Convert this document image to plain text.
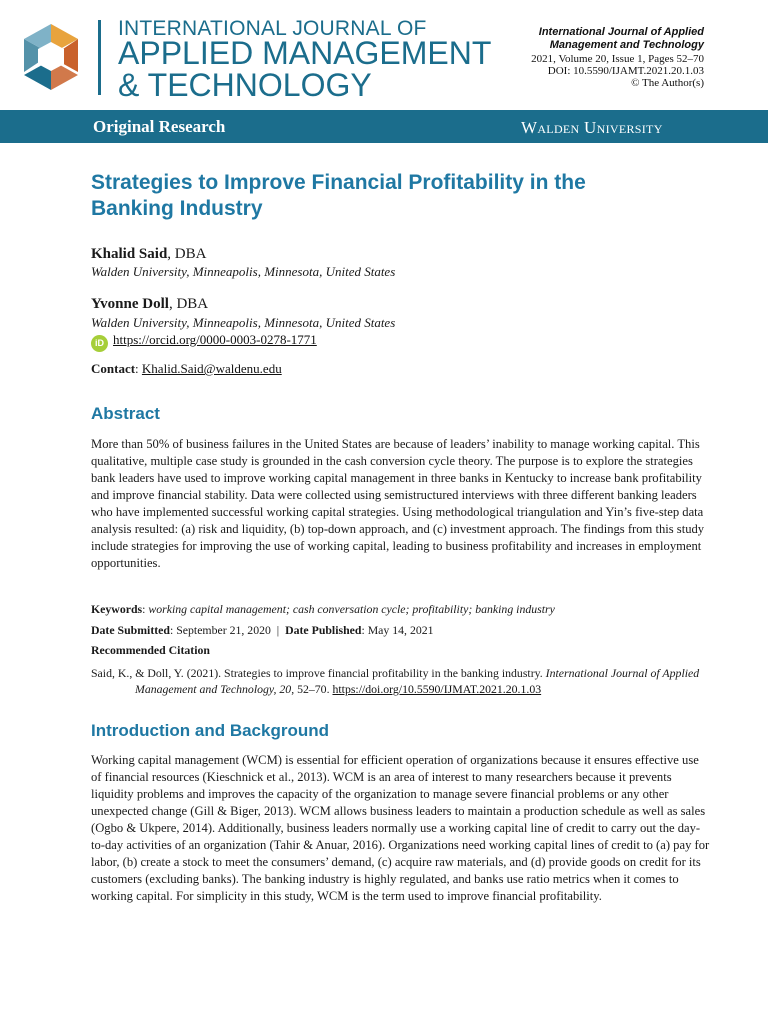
INTERNATIONAL JOURNAL OF
APPLIED MANAGEMENT
& TECHNOLOGY
International Journal of Applied
Management and Technology
2021, Volume 20, Issue 1, Pages 52–70
DOI: 10.5590/IJAMT.2021.20.1.03
© The Author(s)
Original Research	Walden University
Strategies to Improve Financial Profitability in the Banking Industry
Khalid Said, DBA
Walden University, Minneapolis, Minnesota, United States
Yvonne Doll, DBA
Walden University, Minneapolis, Minnesota, United States
iD https://orcid.org/0000-0003-0278-1771
Contact: Khalid.Said@waldenu.edu
Abstract
More than 50% of business failures in the United States are because of leaders’ inability to manage working capital. This qualitative, multiple case study is grounded in the cash conversion cycle theory. The purpose is to explore the strategies bank leaders have used to improve working capital management in three banks in Kentucky to increase bank profitability and improve financial stability. Data were collected using semistructured interviews with three different banking leaders who have implemented successful working capital strategies. Using methodological triangulation and Yin’s five-step data analysis resulted: (a) risk and liquidity, (b) top-down approach, and (c) investment approach. The findings from this study include strategies for improving the use of working capital, leading to business profitability and increases in employment opportunities.
Keywords: working capital management; cash conversation cycle; profitability; banking industry
Date Submitted: September 21, 2020  |  Date Published: May 14, 2021
Recommended Citation
Said, K., & Doll, Y. (2021). Strategies to improve financial profitability in the banking industry. International Journal of Applied Management and Technology, 20, 52–70. https://doi.org/10.5590/IJMAT.2021.20.1.03
Introduction and Background
Working capital management (WCM) is essential for efficient operation of organizations because it ensures effective use of financial resources (Kieschnick et al., 2013). WCM is an area of interest to many researchers because it prevents liquidity problems and improves the capacity of the organization to manage severe financial problems or any other unexpected change (Gill & Biger, 2013). WCM allows business leaders to maintain a production schedule as well as sales (Ogbo & Ukpere, 2014). Additionally, business leaders normally use a working capital line of credit to carry out the day-to-day activities of an organization (Tahir & Anuar, 2016). Organizations need working capital lines of credit to (a) pay for labor, (b) create a stock to meet the consumers’ demand, (c) acquire raw materials, and (d) provide goods on credit for its customers (excluding banks). The banking industry is highly regulated, and banks use ratio metrics when it comes to working capital. For simplicity in this study, WCM is the term used to improve financial profitability.
